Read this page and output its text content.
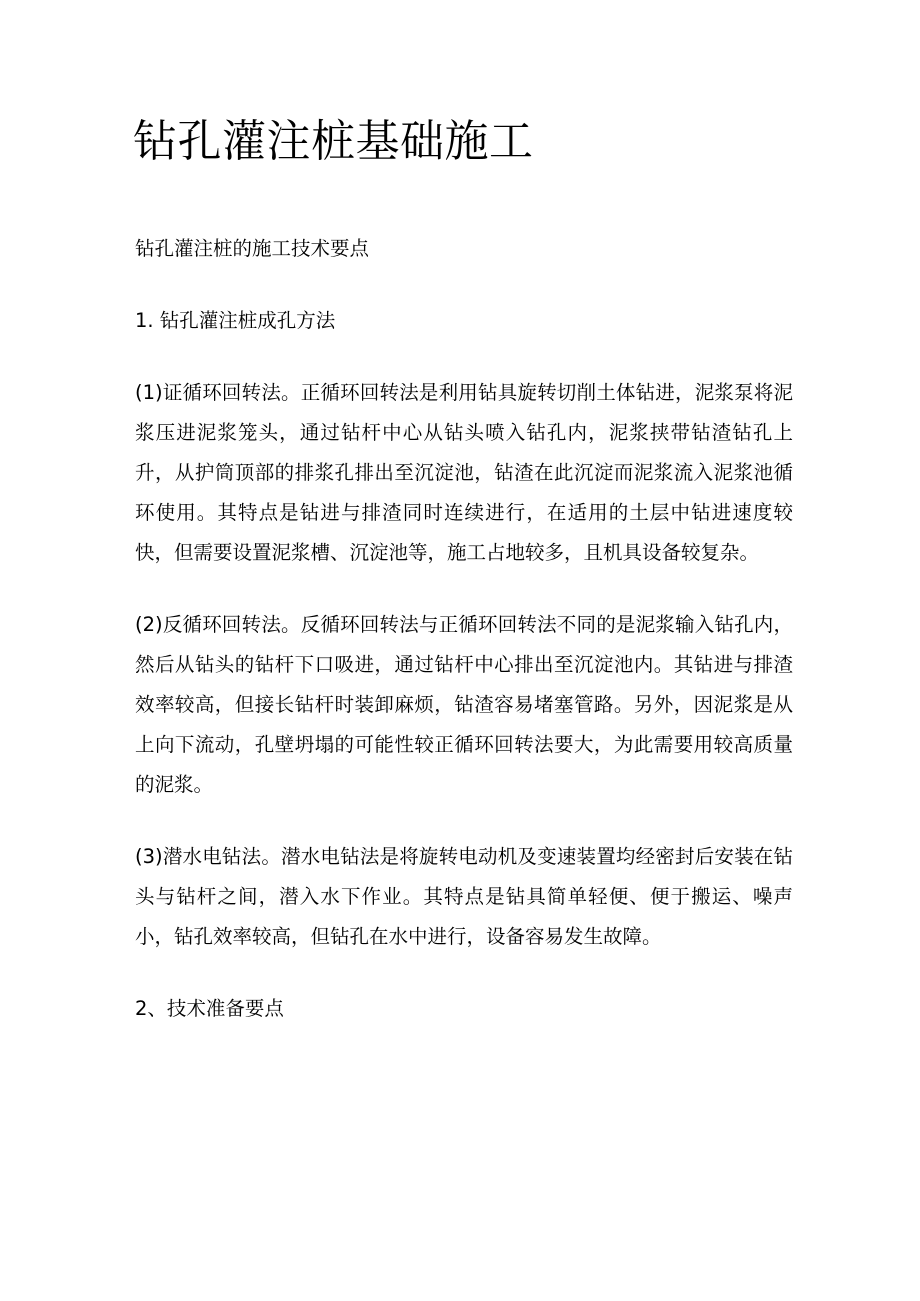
钻孔灌注桩基础施工

钻孔灌注桩的施工技术要点

1. 钻孔灌注桩成孔方法

(1)证循环回转法。正循环回转法是利用钻具旋转切削土体钻进，泥浆泵将泥浆压进泥浆笼头，通过钻杆中心从钻头喷入钻孔内，泥浆挟带钻渣钻孔上升，从护筒顶部的排浆孔排出至沉淀池，钻渣在此沉淀而泥浆流入泥浆池循环使用。其特点是钻进与排渣同时连续进行，在适用的土层中钻进速度较快，但需要设置泥浆槽、沉淀池等，施工占地较多，且机具设备较复杂。

(2)反循环回转法。反循环回转法与正循环回转法不同的是泥浆输入钻孔内，然后从钻头的钻杆下口吸进，通过钻杆中心排出至沉淀池内。其钻进与排渣效率较高，但接长钻杆时装卸麻烦，钻渣容易堵塞管路。另外，因泥浆是从上向下流动，孔壁坍塌的可能性较正循环回转法要大，为此需要用较高质量的泥浆。

(3)潜水电钻法。潜水电钻法是将旋转电动机及变速装置均经密封后安装在钻头与钻杆之间，潜入水下作业。其特点是钻具简单轻便、便于搬运、噪声小，钻孔效率较高，但钻孔在水中进行，设备容易发生故障。

2、技术准备要点
